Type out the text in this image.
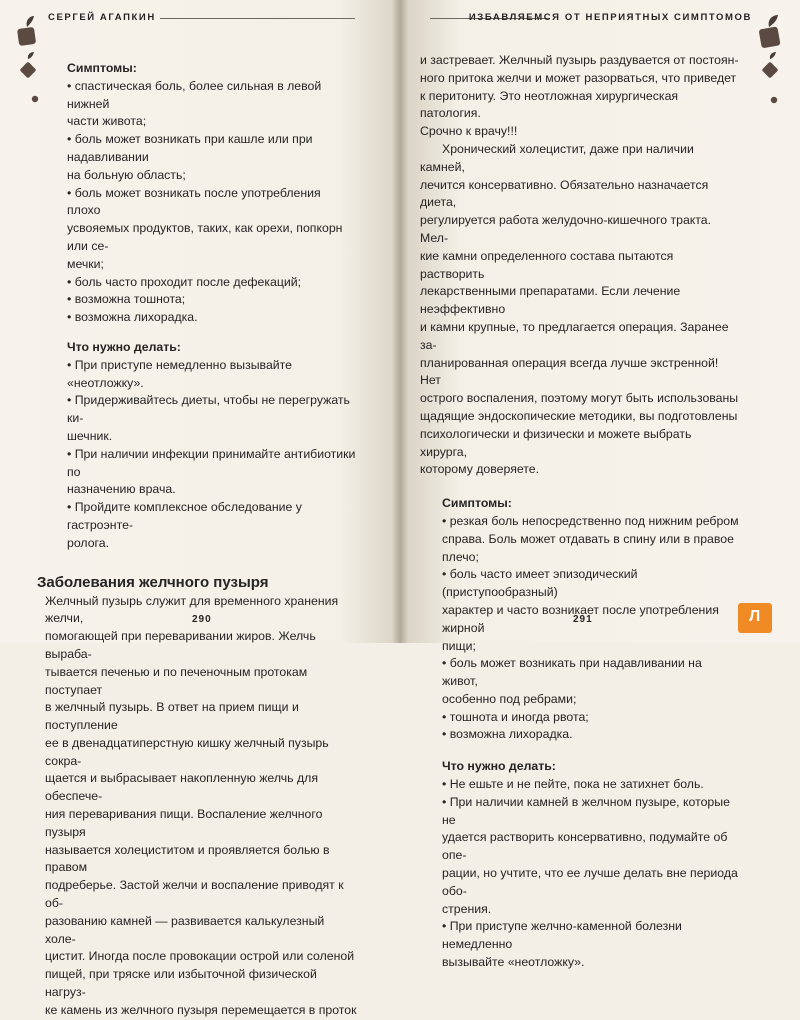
СЕРГЕЙ АГАПКИН

Симптомы:

• спастическая боль, более сильная в левой нижней

части живота;

• боль может возникать при кашле или при надавливании

на больную область;

• боль может возникать после употребления плохо

усвояемых продуктов, таких, как орехи, попкорн или се-

мечки;

• боль часто проходит после дефекаций;

• возможна тошнота;

• возможна лихорадка.

Что нужно делать:

• При приступе немедленно вызывайте «неотложку».

• Придерживайтесь диеты, чтобы не перегружать ки-

шечник.

• При наличии инфекции принимайте антибиотики по

назначению врача.

• Пройдите комплексное обследование у гастроэнте-

ролога.

Заболевания желчного пузыря

Желчный пузырь служит для временного хранения желчи,

помогающей при переваривании жиров. Желчь выраба-

тывается печенью и по печеночным протокам поступает

в желчный пузырь. В ответ на прием пищи и поступление

ее в двенадцатиперстную кишку желчный пузырь сокра-

щается и выбрасывает накопленную желчь для обеспече-

ния переваривания пищи. Воспаление желчного пузыря

называется холециститом и проявляется болью в правом

подреберье. Застой желчи и воспаление приводят к об-

разованию камней — развивается калькулезный холе-

цистит. Иногда после провокации острой или соленой

пищей, при тряске или избыточной физической нагруз-

ке камень из желчного пузыря перемещается в проток

290
ИЗБАВЛЯЕМСЯ ОТ НЕПРИЯТНЫХ СИМПТОМОВ

и застревает. Желчный пузырь раздувается от постоян-

ного притока желчи и может разорваться, что приведет

к перитониту. Это неотложная хирургическая патология.

Срочно к врачу!!!

Хронический холецистит, даже при наличии камней,

лечится консервативно. Обязательно назначается диета,

регулируется работа желудочно-кишечного тракта. Мел-

кие камни определенного состава пытаются растворить

лекарственными препаратами. Если лечение неэффективно

и камни крупные, то предлагается операция. Заранее за-

планированная операция всегда лучше экстренной! Нет

острого воспаления, поэтому могут быть использованы

щадящие эндоскопические методики, вы подготовлены

психологически и физически и можете выбрать хирурга,

которому доверяете.

Симптомы:

• резкая боль непосредственно под нижним ребром

справа. Боль может отдавать в спину или в правое плечо;

• боль часто имеет эпизодический (приступообразный)

характер и часто возникает после употребления жирной

пищи;

• боль может возникать при надавливании на живот,

особенно под ребрами;

• тошнота и иногда рвота;

• возможна лихорадка.

Что нужно делать:

• Не ешьте и не пейте, пока не затихнет боль.

• При наличии камней в желчном пузыре, которые не

удается растворить консервативно, подумайте об опе-

рации, но учтите, что ее лучше делать вне периода обо-

стрения.

• При приступе желчно-каменной болезни немедленно

вызывайте «неотложку».

291	Л
